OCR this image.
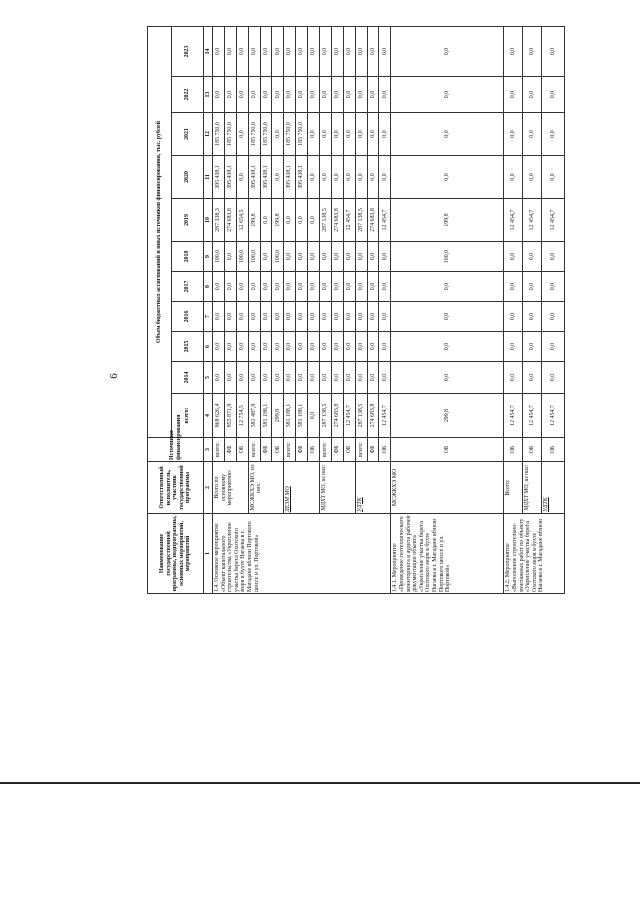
6
Наименование государственной программы, подпрограммы, основных мероприятий, мероприятий	Ответственный исполнитель, участник государственной программы	Источники финансирования	Объем бюджетных ассигнований и иных источников финансирования, тыс. рублей										
			всего:	2014	2015	2016	2017	2018	2019	2020	2021	2022	2023
1	2	3	4	5	6	7	8	9	10	11	12	13	14
1.4. Основное мероприятие «Объект капитального строительства «Укрепление участка берега Охотского моря в бухте Нагаева в г. Магадане вблизи Портового шоссе и ул. Портовой»	Всего по основному мероприятию:	всего:	868 626,4	0,0	0,0	0,0	0,0	100,0	287 338,3	395 438,1	185 750,0	0,0	0,0
		ФБ	855 871,9	0,0	0,0	0,0	0,0	0,0	274 683,8	395 438,1	185 750,0	0,0	0,0
		ОБ	12 754,5	0,0	0,0	0,0	0,0	100,0	12 654,5	0,0	0,0	0,0	0,0
	МСЖКХЭ МО, из них:	всего:	581 487,9	0,0	0,0	0,0	0,0	100,0	199,8	395 438,1	185 750,0	0,0	0,0
		ФБ	581 188,1	0,0	0,0	0,0	0,0	0,0	0,0	395 438,1	185 750,0	0,0	0,0
		ОБ	299,8	0,0	0,0	0,0	0,0	100,0	199,8	0,0	0,0	0,0	0,0
	ДЕЗМ МО	всего:	581 188,1	0,0	0,0	0,0	0,0	0,0	0,0	395 438,1	185 750,0	0,0	0,0
		ФБ	581 188,1	0,0	0,0	0,0	0,0	0,0	0,0	395 438,1	185 750,0	0,0	0,0
		ОБ	0,0	0,0	0,0	0,0	0,0	0,0	0,0	0,0	0,0	0,0	0,0
	МДХТ МО, из них:	всего:	287 138,5	0,0	0,0	0,0	0,0	0,0	287 138,5	0,0	0,0	0,0	0,0
		ФБ	274 683,8	0,0	0,0	0,0	0,0	0,0	274 683,8	0,0	0,0	0,0	0,0
		ОБ	12 454,7	0,0	0,0	0,0	0,0	0,0	12 454,7	0,0	0,0	0,0	0,0
	УДТК	всего:	287 138,5	0,0	0,0	0,0	0,0	0,0	287 138,5	0,0	0,0	0,0	0,0
		ФБ	274 683,8	0,0	0,0	0,0	0,0	0,0	274 683,8	0,0	0,0	0,0	0,0
		ОБ	12 454,7	0,0	0,0	0,0	0,0	0,0	12 454,7	0,0	0,0	0,0	0,0
1.4.1. Мероприятие «Проведение геотехнического мониторинга и аудита рабочей документации объекта «Укрепление участка берега Охотского моря в бухте Нагаева в г. Магадане вблизи Портового шоссе и ул. Портовой»	МСЖКХЭ МО	ОБ	299,8	0,0	0,0	0,0	0,0	100,0	199,8	0,0	0,0	0,0	0,0
1.4.2. Мероприятие «Выполнение строительно-монтажных работ по объекту «Укрепление участка берега Охотского моря в бухте Нагаева в г. Магадане вблизи	Всего:	ОБ	12 454,7	0,0	0,0	0,0	0,0	0,0	12 454,7	0,0	0,0	0,0	0,0
	МДХТ МО, из них:	ОБ	12 454,7	0,0	0,0	0,0	0,0	0,0	12 454,7	0,0	0,0	0,0	0,0
	УДТК	ОБ	12 454,7	0,0	0,0	0,0	0,0	0,0	12 454,7	0,0	0,0	0,0	0,0
